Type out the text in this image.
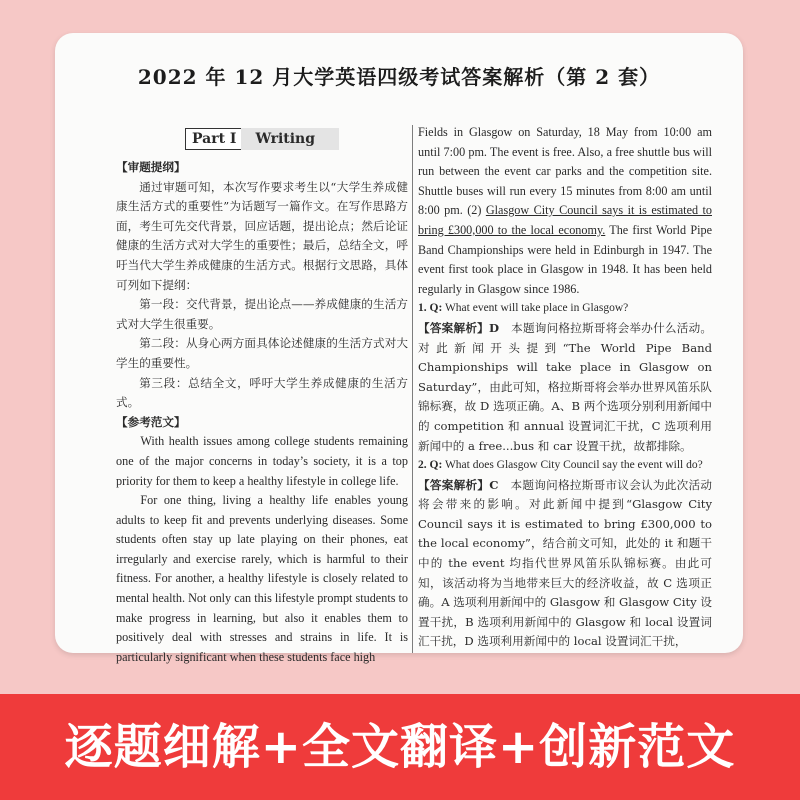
2022 年 12 月大学英语四级考试答案解析（第 2 套）
Part Ⅰ Writing

【审题提纲】

通过审题可知，本次写作要求考生以“大学生养成健康生活方式的重要性”为话题写一篇作文。在写作思路方面，考生可先交代背景，回应话题，提出论点；然后论证健康的生活方式对大学生的重要性；最后，总结全文，呼吁当代大学生养成健康的生活方式。根据行文思路，具体可列如下提纲：

第一段：交代背景，提出论点——养成健康的生活方式对大学生很重要。

第二段：从身心两方面具体论述健康的生活方式对大学生的重要性。

第三段：总结全文，呼吁大学生养成健康的生活方式。

【参考范文】

With health issues among college students remaining one of the major concerns in today’s society, it is a top priority for them to keep a healthy lifestyle in college life.

For one thing, living a healthy life enables young adults to keep fit and prevents underlying diseases. Some students often stay up late playing on their phones, eat irregularly and exercise rarely, which is harmful to their fitness. For another, a healthy lifestyle is closely related to mental health. Not only can this lifestyle prompt students to make progress in learning, but also it enables them to positively deal with stresses and strains in life. It is particularly significant when these students face high

Fields in Glasgow on Saturday, 18 May from 10:00 am until 7:00 pm. The event is free. Also, a free shuttle bus will run between the event car parks and the competition site. Shuttle buses will run every 15 minutes from 8:00 am until 8:00 pm. (2) Glasgow City Council says it is estimated to bring £300,000 to the local economy. The first World Pipe Band Championships were held in Edinburgh in 1947. The event first took place in Glasgow in 1948. It has been held regularly in Glasgow since 1986.

1. Q: What event will take place in Glasgow?

【答案解析】D　本题询问格拉斯哥将会举办什么活动。对此新闻开头提到“The World Pipe Band Championships will take place in Glasgow on Saturday”，由此可知，格拉斯哥将会举办世界风笛乐队锦标赛，故 D 选项正确。A、B 两个选项分别利用新闻中的 competition 和 annual 设置词汇干扰，C 选项利用新闻中的 a free...bus 和 car 设置干扰，故都排除。

2. Q: What does Glasgow City Council say the event will do?

【答案解析】C　本题询问格拉斯哥市议会认为此次活动将会带来的影响。对此新闻中提到“Glasgow City Council says it is estimated to bring £300,000 to the local economy”，结合前文可知，此处的 it 和题干中的 the event 均指代世界风笛乐队锦标赛。由此可知，该活动将为当地带来巨大的经济收益，故 C 选项正确。A 选项利用新闻中的 Glasgow 和 Glasgow City 设置干扰，B 选项利用新闻中的 Glasgow 和 local 设置词汇干扰，D 选项利用新闻中的 local 设置词汇干扰，

逐题细解+全文翻译+创新范文
